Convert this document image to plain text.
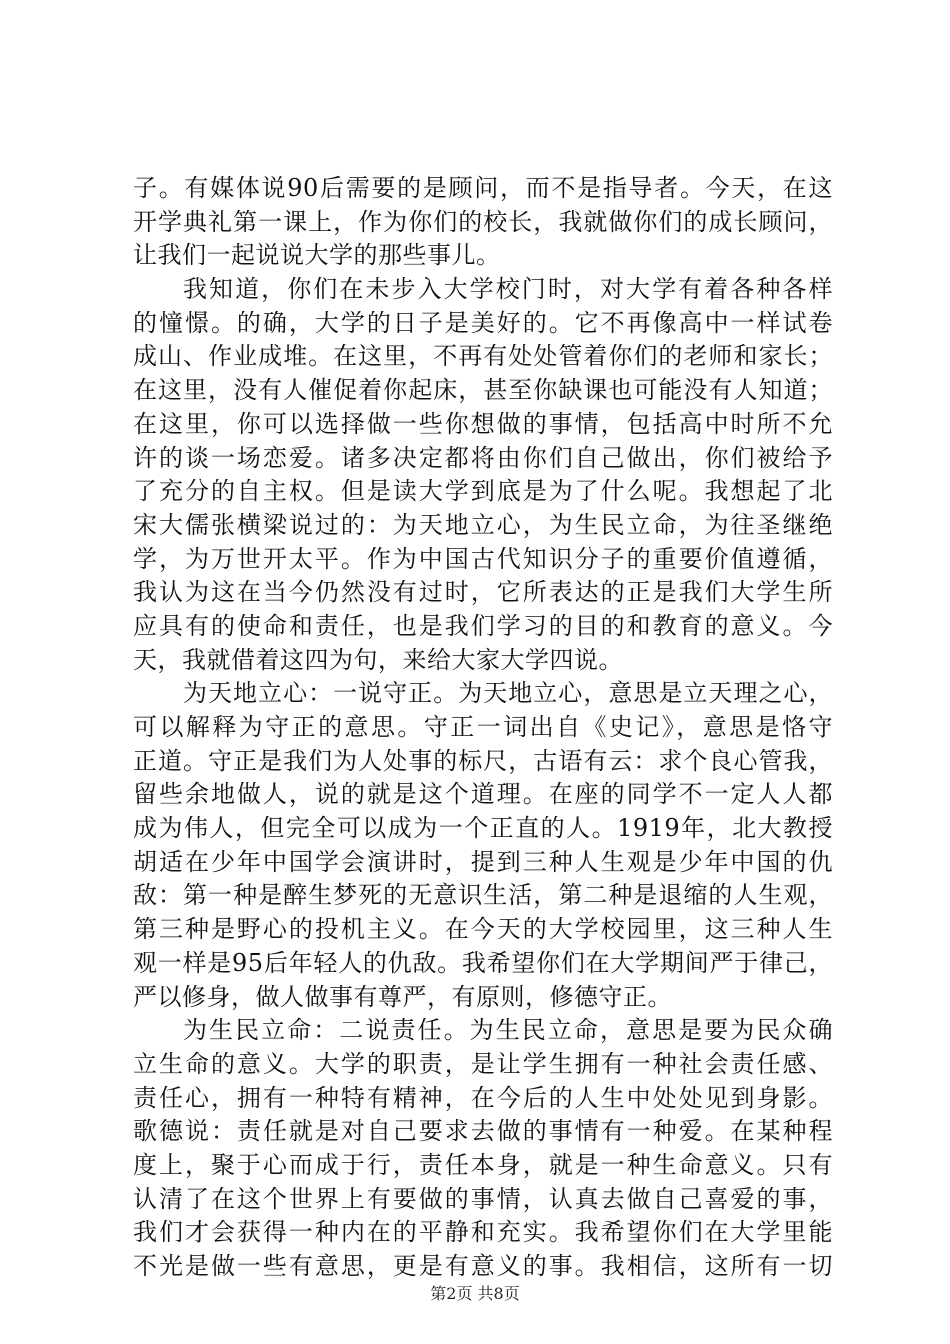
子。有媒体说90后需要的是顾问，而不是指导者。今天，在这
开学典礼第一课上，作为你们的校长，我就做你们的成长顾问，
让我们一起说说大学的那些事儿。
我知道，你们在未步入大学校门时，对大学有着各种各样
的憧憬。的确，大学的日子是美好的。它不再像高中一样试卷
成山、作业成堆。在这里，不再有处处管着你们的老师和家长；
在这里，没有人催促着你起床，甚至你缺课也可能没有人知道；
在这里，你可以选择做一些你想做的事情，包括高中时所不允
许的谈一场恋爱。诸多决定都将由你们自己做出，你们被给予
了充分的自主权。但是读大学到底是为了什么呢。我想起了北
宋大儒张横梁说过的：为天地立心，为生民立命，为往圣继绝
学，为万世开太平。作为中国古代知识分子的重要价值遵循，
我认为这在当今仍然没有过时，它所表达的正是我们大学生所
应具有的使命和责任，也是我们学习的目的和教育的意义。今
天，我就借着这四为句，来给大家大学四说。
为天地立心：一说守正。为天地立心，意思是立天理之心，
可以解释为守正的意思。守正一词出自《史记》，意思是恪守
正道。守正是我们为人处事的标尺，古语有云：求个良心管我，
留些余地做人，说的就是这个道理。在座的同学不一定人人都
成为伟人，但完全可以成为一个正直的人。1919年，北大教授
胡适在少年中国学会演讲时，提到三种人生观是少年中国的仇
敌：第一种是醉生梦死的无意识生活，第二种是退缩的人生观，
第三种是野心的投机主义。在今天的大学校园里，这三种人生
观一样是95后年轻人的仇敌。我希望你们在大学期间严于律己，
严以修身，做人做事有尊严，有原则，修德守正。
为生民立命：二说责任。为生民立命，意思是要为民众确
立生命的意义。大学的职责，是让学生拥有一种社会责任感、
责任心，拥有一种特有精神，在今后的人生中处处见到身影。
歌德说：责任就是对自己要求去做的事情有一种爱。在某种程
度上，聚于心而成于行，责任本身，就是一种生命意义。只有
认清了在这个世界上有要做的事情，认真去做自己喜爱的事，
我们才会获得一种内在的平静和充实。我希望你们在大学里能
不光是做一些有意思，更是有意义的事。我相信，这所有一切
第2页 共8页
